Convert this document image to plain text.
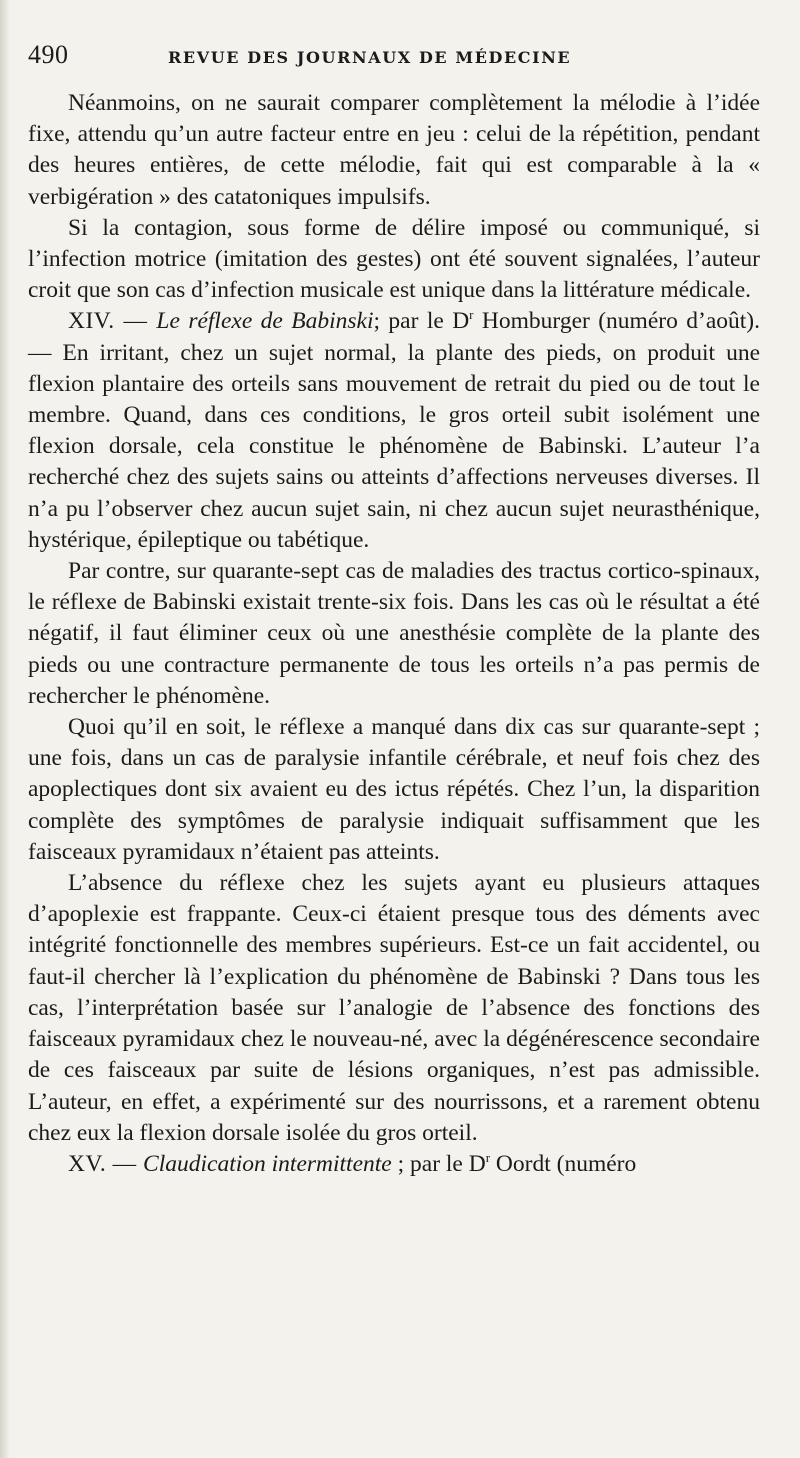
490	REVUE DES JOURNAUX DE MÉDECINE

Néanmoins, on ne saurait comparer complètement la mélodie à l’idée fixe, attendu qu’un autre facteur entre en jeu : celui de la répétition, pendant des heures entières, de cette mélodie, fait qui est comparable à la « verbigération » des catatoniques impulsifs.

Si la contagion, sous forme de délire imposé ou communiqué, si l’infection motrice (imitation des gestes) ont été souvent signalées, l’auteur croit que son cas d’infection musicale est unique dans la littérature médicale.

XIV. — Le réflexe de Babinski; par le $D^r$ Homburger (numéro d’août). — En irritant, chez un sujet normal, la plante des pieds, on produit une flexion plantaire des orteils sans mouvement de retrait du pied ou de tout le membre. Quand, dans ces conditions, le gros orteil subit isolément une flexion dorsale, cela constitue le phénomène de Babinski. L’auteur l’a recherché chez des sujets sains ou atteints d’affections nerveuses diverses. Il n’a pu l’observer chez aucun sujet sain, ni chez aucun sujet neurasthénique, hystérique, épileptique ou tabétique.

Par contre, sur quarante-sept cas de maladies des tractus cortico-spinaux, le réflexe de Babinski existait trente-six fois. Dans les cas où le résultat a été négatif, il faut éliminer ceux où une anesthésie complète de la plante des pieds ou une contracture permanente de tous les orteils n’a pas permis de rechercher le phénomène.

Quoi qu’il en soit, le réflexe a manqué dans dix cas sur quarante-sept ; une fois, dans un cas de paralysie infantile cérébrale, et neuf fois chez des apoplectiques dont six avaient eu des ictus répétés. Chez l’un, la disparition complète des symptômes de paralysie indiquait suffisamment que les faisceaux pyramidaux n’étaient pas atteints.

L’absence du réflexe chez les sujets ayant eu plusieurs attaques d’apoplexie est frappante. Ceux-ci étaient presque tous des déments avec intégrité fonctionnelle des membres supérieurs. Est-ce un fait accidentel, ou faut-il chercher là l’explication du phénomène de Babinski ? Dans tous les cas, l’interprétation basée sur l’analogie de l’absence des fonctions des faisceaux pyramidaux chez le nouveau-né, avec la dégénérescence secondaire de ces faisceaux par suite de lésions organiques, n’est pas admissible. L’auteur, en effet, a expérimenté sur des nourrissons, et a rarement obtenu chez eux la flexion dorsale isolée du gros orteil.

XV. — Claudication intermittente ; par le $D^r$ Oordt (numéro
